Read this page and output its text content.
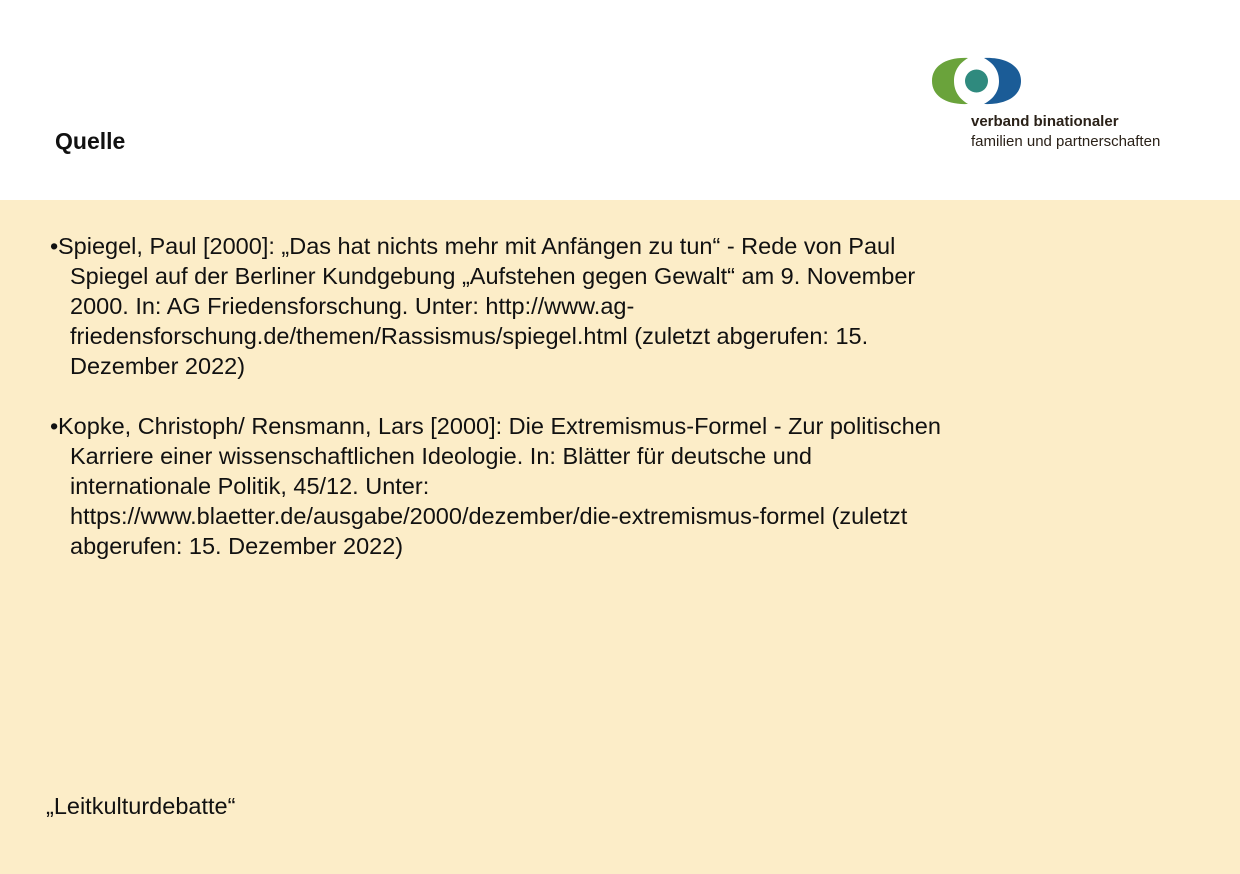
Quelle
verband binationaler
familien und partnerschaften
• Spiegel, Paul [2000]: „Das hat nichts mehr mit Anfängen zu tun“ - Rede von Paul Spiegel auf der Berliner Kundgebung „Aufstehen gegen Gewalt“ am 9. November 2000. In: AG Friedensforschung. Unter: http://www.ag-friedensforschung.de/themen/Rassismus/spiegel.html (zuletzt abgerufen: 15. Dezember 2022)
• Kopke, Christoph/ Rensmann, Lars [2000]: Die Extremismus-Formel - Zur politischen Karriere einer wissenschaftlichen Ideologie. In: Blätter für deutsche und internationale Politik, 45/12. Unter: https://www.blaetter.de/ausgabe/2000/dezember/die-extremismus-formel (zuletzt abgerufen: 15. Dezember 2022)
„Leitkulturdebatte“
